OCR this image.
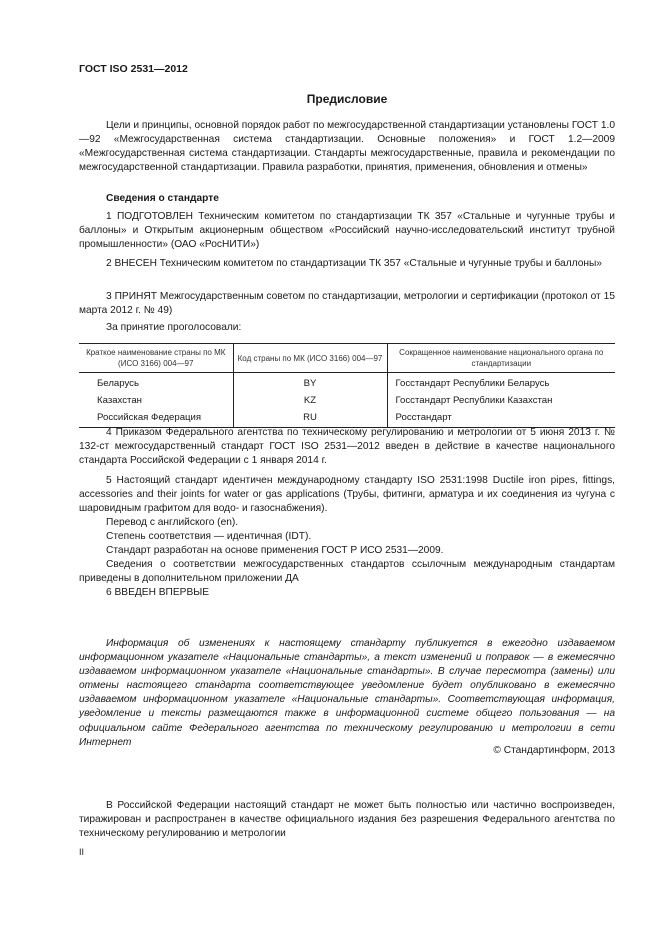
ГОСТ ISO 2531—2012
Предисловие
Цели и принципы, основной порядок работ по межгосударственной стандартизации установлены ГОСТ 1.0—92 «Межгосударственная система стандартизации. Основные положения» и ГОСТ 1.2—2009 «Межгосударственная система стандартизации. Стандарты межгосударственные, правила и рекомендации по межгосударственной стандартизации. Правила разработки, принятия, применения, обновления и отмены»
Сведения о стандарте
1 ПОДГОТОВЛЕН Техническим комитетом по стандартизации ТК 357 «Стальные и чугунные трубы и баллоны» и Открытым акционерным обществом «Российский научно-исследовательский институт трубной промышленности» (ОАО «РосНИТИ»)
2 ВНЕСЕН Техническим комитетом по стандартизации ТК 357 «Стальные и чугунные трубы и баллоны»
3 ПРИНЯТ Межгосударственным советом по стандартизации, метрологии и сертификации (протокол от 15 марта 2012 г. № 49)
За принятие проголосовали:
Краткое наименование страны по МК (ИСО 3166) 004—97	Код страны по МК (ИСО 3166) 004—97	Сокращенное наименование национального органа по стандартизации
Беларусь	BY	Госстандарт Республики Беларусь
Казахстан	KZ	Госстандарт Республики Казахстан
Российская Федерация	RU	Росстандарт
4 Приказом Федерального агентства по техническому регулированию и метрологии от 5 июня 2013 г. № 132-ст межгосударственный стандарт ГОСТ ISO 2531—2012 введен в действие в качестве национального стандарта Российской Федерации с 1 января 2014 г.
5 Настоящий стандарт идентичен международному стандарту ISO 2531:1998 Ductile iron pipes, fittings, accessories and their joints for water or gas applications (Трубы, фитинги, арматура и их соединения из чугуна с шаровидным графитом для водо- и газоснабжения).
Перевод с английского (en).
Степень соответствия — идентичная (IDT).
Стандарт разработан на основе применения ГОСТ Р ИСО 2531—2009.
Сведения о соответствии межгосударственных стандартов ссылочным международным стандартам приведены в дополнительном приложении ДА
6 ВВЕДЕН ВПЕРВЫЕ
Информация об изменениях к настоящему стандарту публикуется в ежегодно издаваемом информационном указателе «Национальные стандарты», а текст изменений и поправок — в ежемесячно издаваемом информационном указателе «Национальные стандарты». В случае пересмотра (замены) или отмены настоящего стандарта соответствующее уведомление будет опубликовано в ежемесячно издаваемом информационном указателе «Национальные стандарты». Соответствующая информация, уведомление и тексты размещаются также в информационной системе общего пользования — на официальном сайте Федерального агентства по техническому регулированию и метрологии в сети Интернет
© Стандартинформ, 2013
В Российской Федерации настоящий стандарт не может быть полностью или частично воспроизведен, тиражирован и распространен в качестве официального издания без разрешения Федерального агентства по техническому регулированию и метрологии
II
